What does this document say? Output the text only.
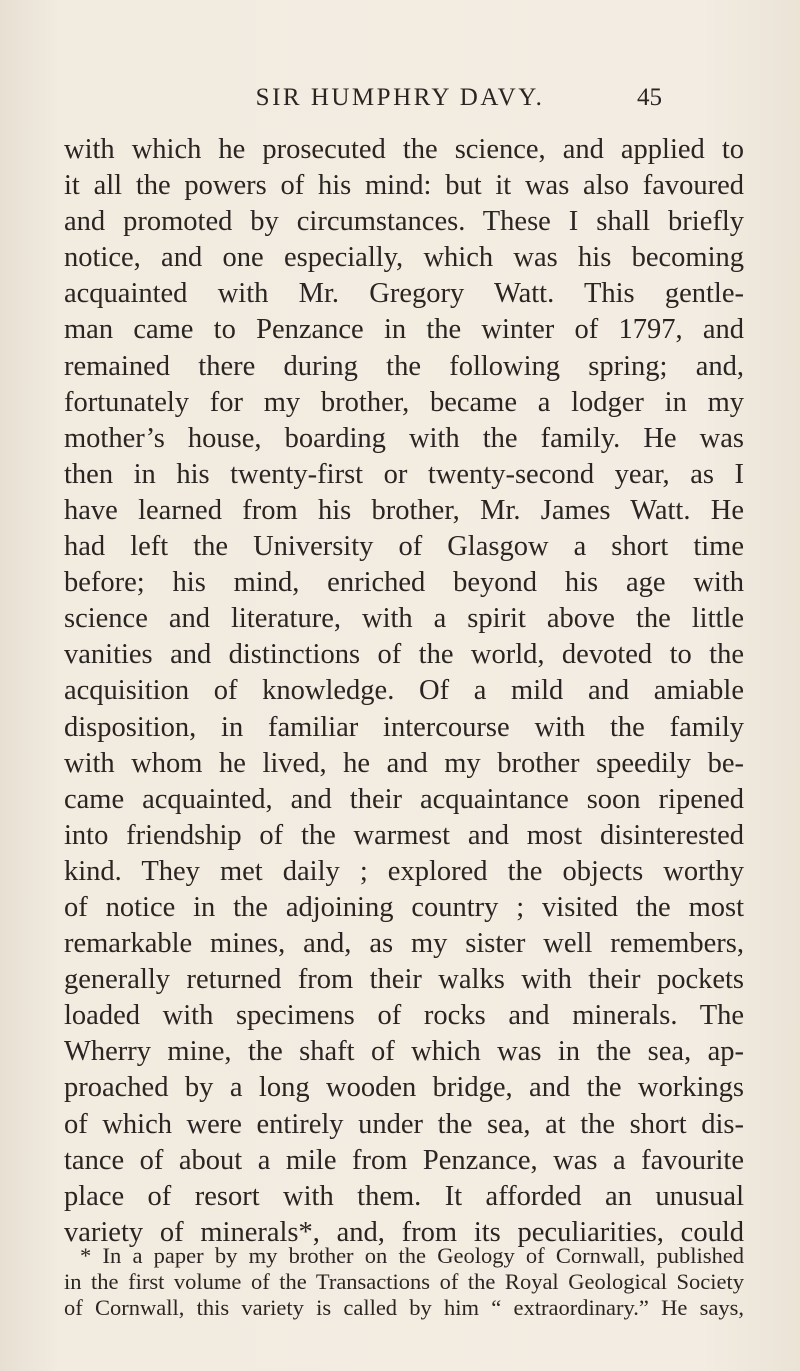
SIR HUMPHRY DAVY.	45
with which he prosecuted the science, and applied to
it all the powers of his mind: but it was also favoured
and promoted by circumstances. These I shall briefly
notice, and one especially, which was his becoming
acquainted with Mr. Gregory Watt. This gentle-
man came to Penzance in the winter of 1797, and
remained there during the following spring; and,
fortunately for my brother, became a lodger in my
mother’s house, boarding with the family. He was
then in his twenty-first or twenty-second year, as I
have learned from his brother, Mr. James Watt. He
had left the University of Glasgow a short time
before; his mind, enriched beyond his age with
science and literature, with a spirit above the little
vanities and distinctions of the world, devoted to the
acquisition of knowledge. Of a mild and amiable
disposition, in familiar intercourse with the family
with whom he lived, he and my brother speedily be-
came acquainted, and their acquaintance soon ripened
into friendship of the warmest and most disinterested
kind. They met daily ; explored the objects worthy
of notice in the adjoining country ; visited the most
remarkable mines, and, as my sister well remembers,
generally returned from their walks with their pockets
loaded with specimens of rocks and minerals. The
Wherry mine, the shaft of which was in the sea, ap-
proached by a long wooden bridge, and the workings
of which were entirely under the sea, at the short dis-
tance of about a mile from Penzance, was a favourite
place of resort with them. It afforded an unusual
variety of minerals*, and, from its peculiarities, could
* In a paper by my brother on the Geology of Cornwall, published
in the first volume of the Transactions of the Royal Geological Society
of Cornwall, this variety is called by him “ extraordinary.” He says,
